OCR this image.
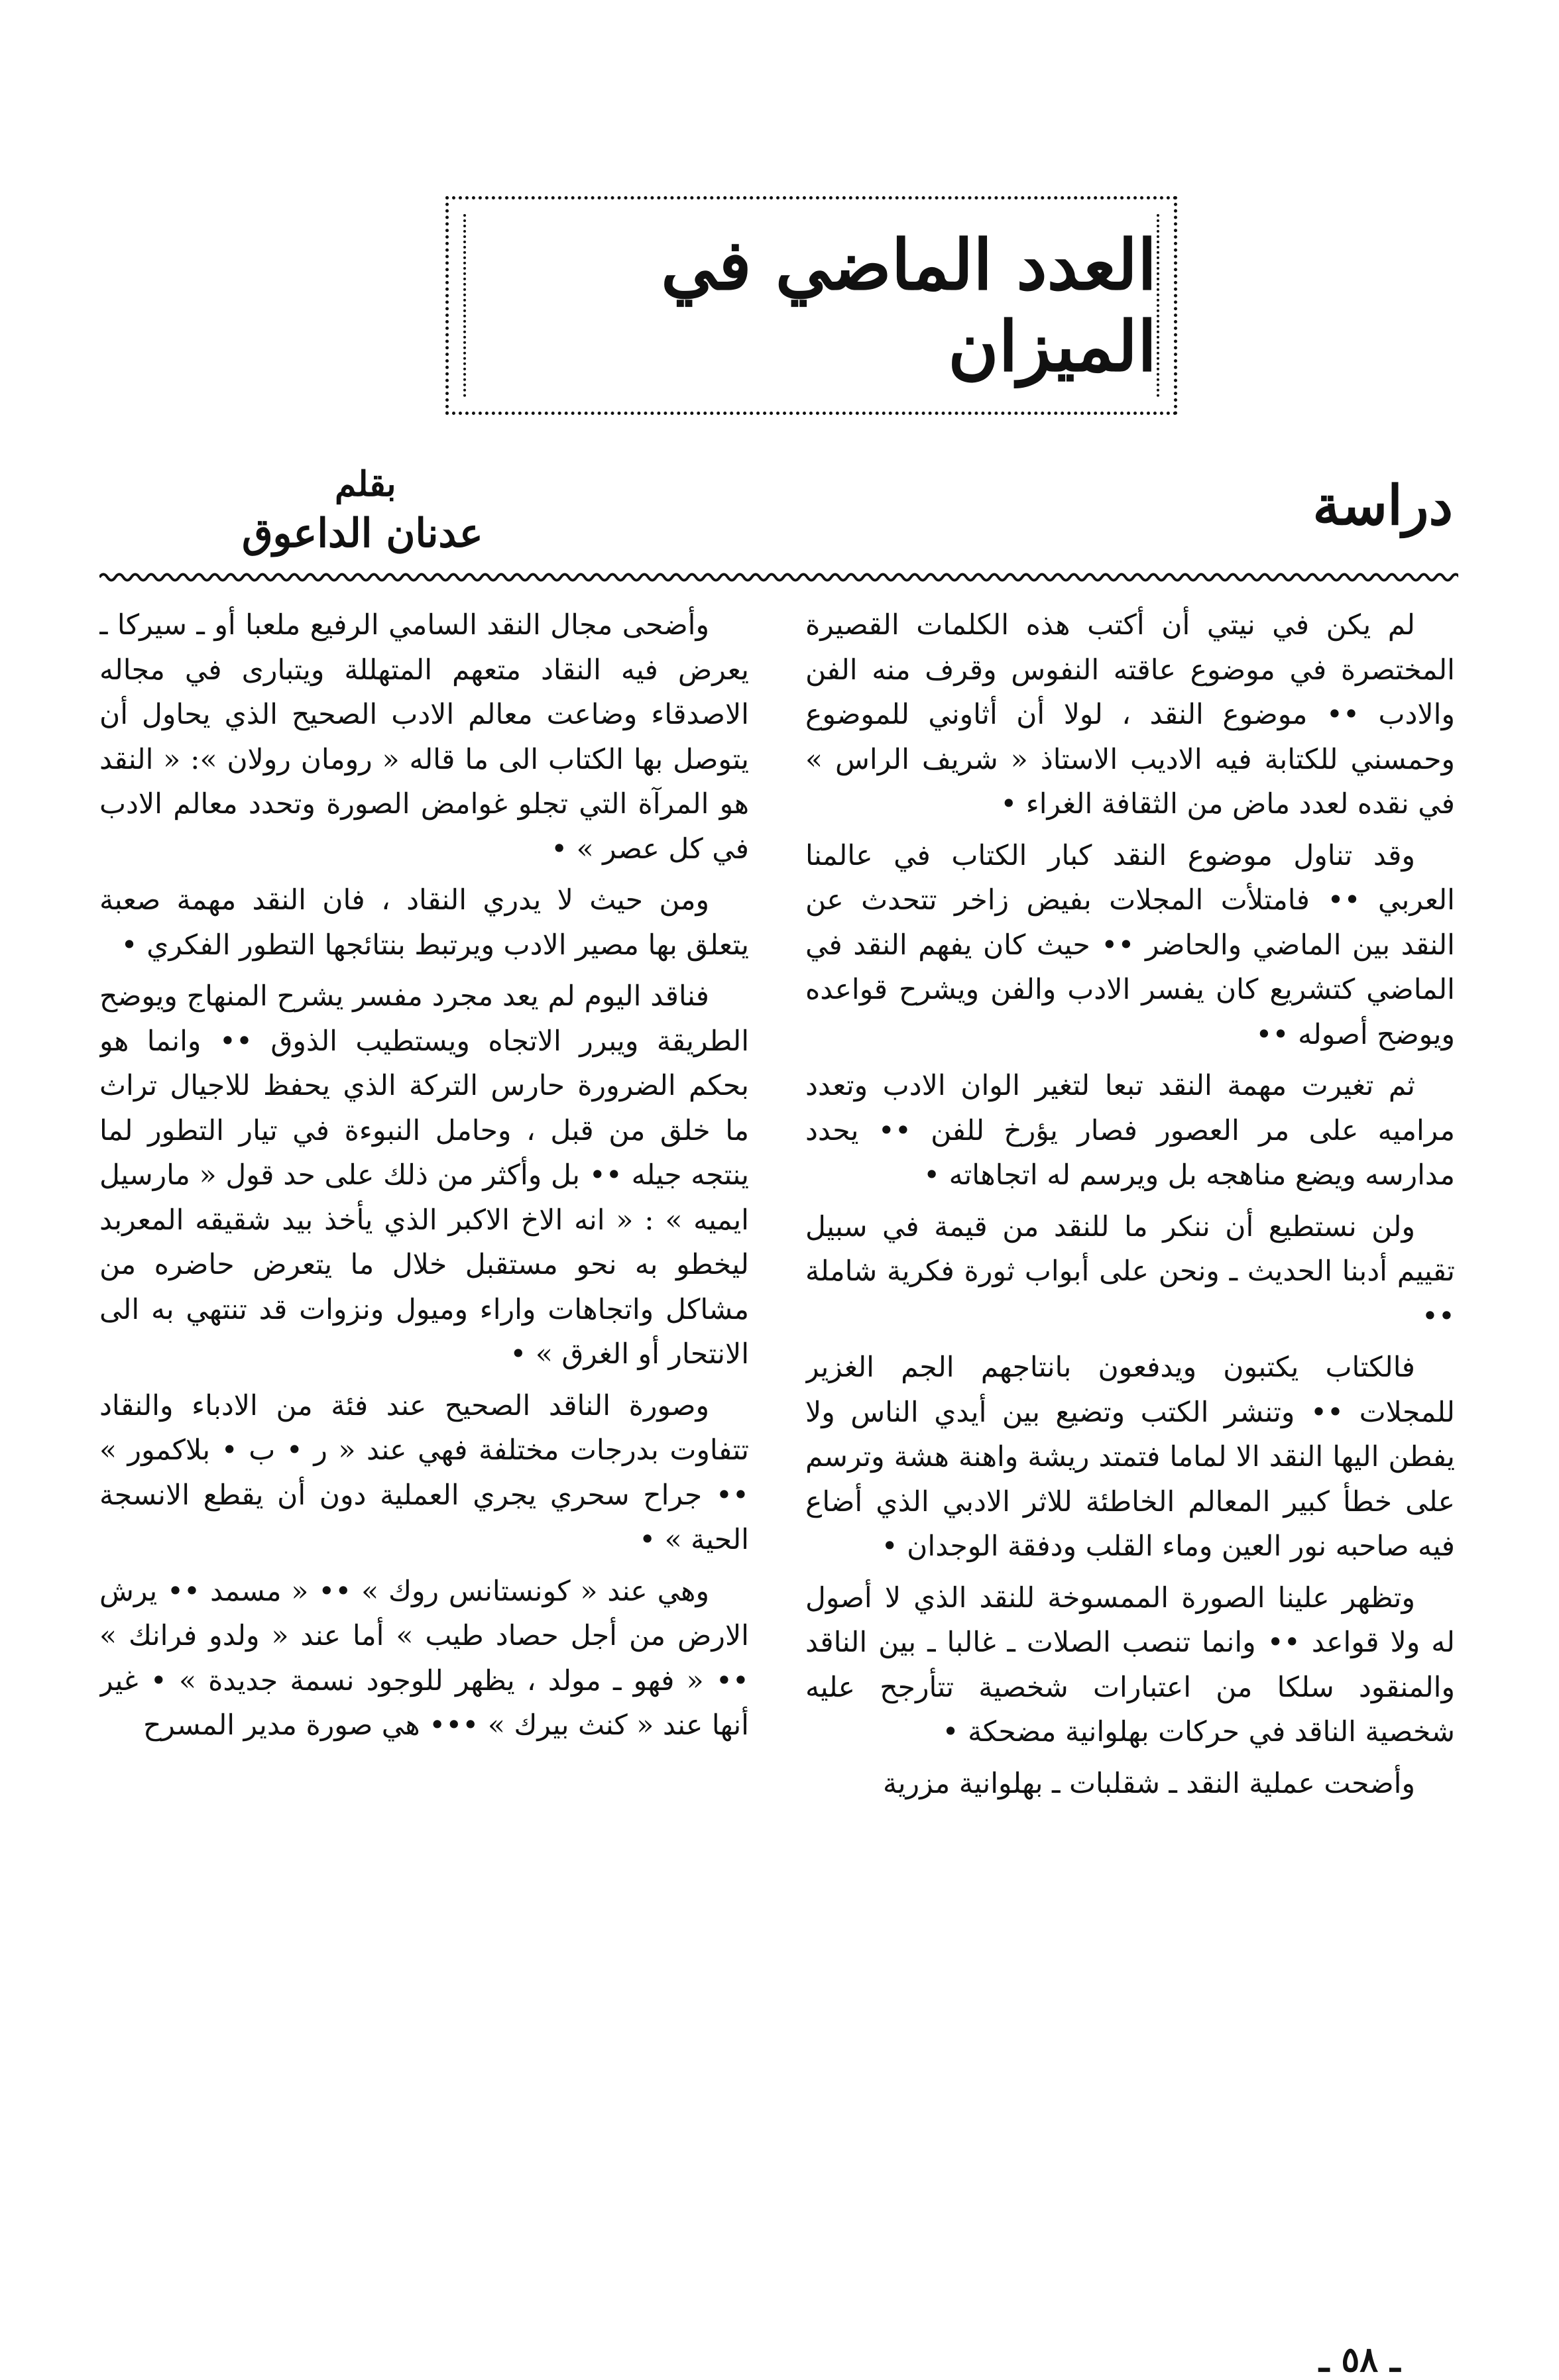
العدد الماضي في الميزان
دراسة
بقلم
عدنان الداعوق

لم يكن في نيتي أن أكتب هذه الكلمات القصيرة المختصرة في موضوع عاقته النفوس وقرف منه الفن والادب •• موضوع النقد ، لولا أن أثاوني للموضوع وحمسني للكتابة فيه الاديب الاستاذ « شريف الراس » في نقده لعدد ماض من الثقافة الغراء •

وقد تناول موضوع النقد كبار الكتاب في عالمنا العربي •• فامتلأت المجلات بفيض زاخر تتحدث عن النقد بين الماضي والحاضر •• حيث كان يفهم النقد في الماضي كتشريع كان يفسر الادب والفن ويشرح قواعده ويوضح أصوله ••

ثم تغيرت مهمة النقد تبعا لتغير الوان الادب وتعدد مراميه على مر العصور فصار يؤرخ للفن •• يحدد مدارسه ويضع مناهجه بل ويرسم له اتجاهاته •

ولن نستطيع أن ننكر ما للنقد من قيمة في سبيل تقييم أدبنا الحديث ـ ونحن على أبواب ثورة فكرية شاملة ••

فالكتاب يكتبون ويدفعون بانتاجهم الجم الغزير للمجلات •• وتنشر الكتب وتضيع بين أيدي الناس ولا يفطن اليها النقد الا لماما فتمتد ريشة واهنة هشة وترسم على خطأ كبير المعالم الخاطئة للاثر الادبي الذي أضاع فيه صاحبه نور العين وماء القلب ودفقة الوجدان •

وتظهر علينا الصورة الممسوخة للنقد الذي لا أصول له ولا قواعد •• وانما تنصب الصلات ـ غالبا ـ بين الناقد والمنقود سلكا من اعتبارات شخصية تتأرجح عليه شخصية الناقد في حركات بهلوانية مضحكة •

وأضحت عملية النقد ـ شقلبات ـ بهلوانية مزرية

وأضحى مجال النقد السامي الرفيع ملعبا أو ـ سيركا ـ يعرض فيه النقاد متعهم المتهللة ويتبارى في مجاله الاصدقاء وضاعت معالم الادب الصحيح الذي يحاول أن يتوصل بها الكتاب الى ما قاله « رومان رولان »: « النقد هو المرآة التي تجلو غوامض الصورة وتحدد معالم الادب في كل عصر » •

ومن حيث لا يدري النقاد ، فان النقد مهمة صعبة يتعلق بها مصير الادب ويرتبط بنتائجها التطور الفكري •

فناقد اليوم لم يعد مجرد مفسر يشرح المنهاج ويوضح الطريقة ويبرر الاتجاه ويستطيب الذوق •• وانما هو بحكم الضرورة حارس التركة الذي يحفظ للاجيال تراث ما خلق من قبل ، وحامل النبوءة في تيار التطور لما ينتجه جيله •• بل وأكثر من ذلك على حد قول « مارسيل ايميه » : « انه الاخ الاكبر الذي يأخذ بيد شقيقه المعربد ليخطو به نحو مستقبل خلال ما يتعرض حاضره من مشاكل واتجاهات واراء وميول ونزوات قد تنتهي به الى الانتحار أو الغرق » •

وصورة الناقد الصحيح عند فئة من الادباء والنقاد تتفاوت بدرجات مختلفة فهي عند « ر • ب • بلاكمور » •• جراح سحري يجري العملية دون أن يقطع الانسجة الحية » •

وهي عند « كونستانس روك » •• « مسمد •• يرش الارض من أجل حصاد طيب » أما عند « ولدو فرانك » •• « فهو ـ مولد ، يظهر للوجود نسمة جديدة » • غير أنها عند « كنث بيرك » ••• هي صورة مدير المسرح

ـ ٥٨ ـ
